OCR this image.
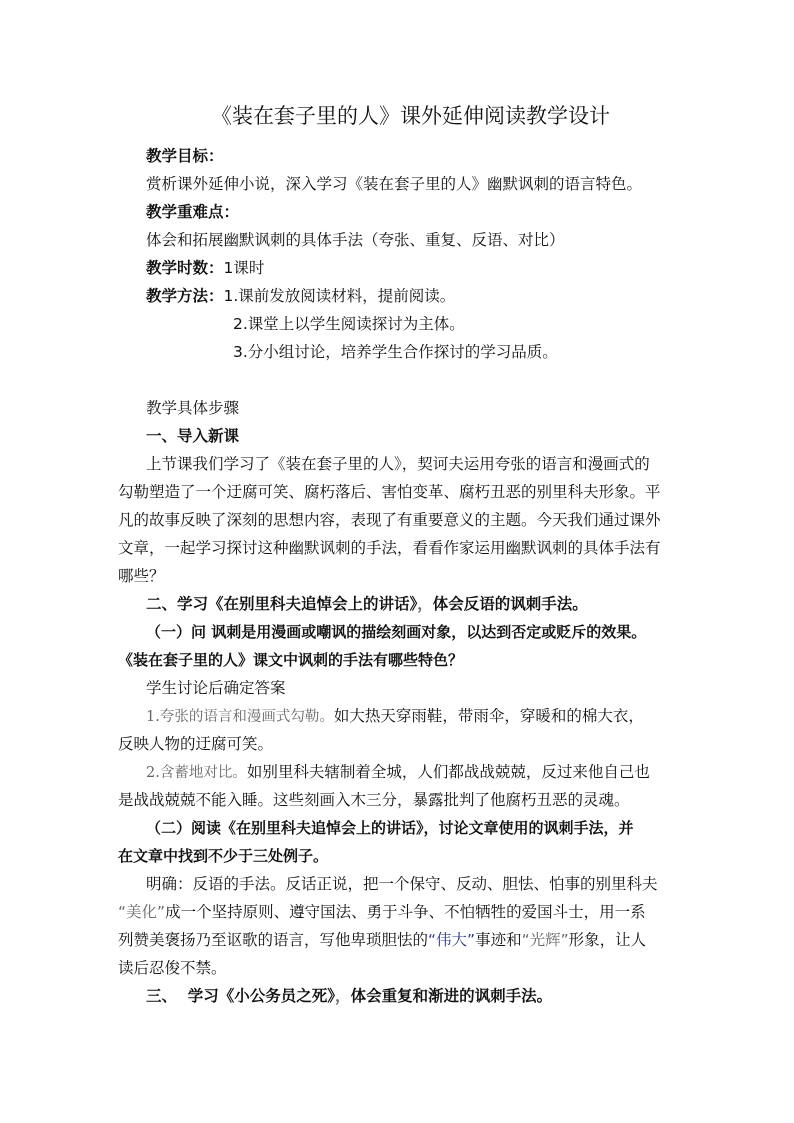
《装在套子里的人》课外延伸阅读教学设计
教学目标：
赏析课外延伸小说，深入学习《装在套子里的人》幽默讽刺的语言特色。
教学重难点：
体会和拓展幽默讽刺的具体手法（夸张、重复、反语、对比）
教学时数：1课时
教学方法：1.课前发放阅读材料，提前阅读。
2.课堂上以学生阅读探讨为主体。
3.分小组讨论，培养学生合作探讨的学习品质。
教学具体步骤
一、导入新课
上节课我们学习了《装在套子里的人》，契诃夫运用夸张的语言和漫画式的
勾勒塑造了一个迂腐可笑、腐朽落后、害怕变革、腐朽丑恶的别里科夫形象。平
凡的故事反映了深刻的思想内容，表现了有重要意义的主题。今天我们通过课外
文章，一起学习探讨这种幽默讽刺的手法，看看作家运用幽默讽刺的具体手法有
哪些？
二、学习《在别里科夫追悼会上的讲话》，体会反语的讽刺手法。
（一）问 讽刺是用漫画或嘲讽的描绘刻画对象，以达到否定或贬斥的效果。
《装在套子里的人》课文中讽刺的手法有哪些特色？
学生讨论后确定答案
1.夸张的语言和漫画式勾勒。如大热天穿雨鞋，带雨伞，穿暖和的棉大衣，
反映人物的迂腐可笑。
2.含蓄地对比。如别里科夫辖制着全城，人们都战战兢兢，反过来他自己也
是战战兢兢不能入睡。这些刻画入木三分，暴露批判了他腐朽丑恶的灵魂。
（二）阅读《在别里科夫追悼会上的讲话》，讨论文章使用的讽刺手法，并
在文章中找到不少于三处例子。
明确：反语的手法。反话正说，把一个保守、反动、胆怯、怕事的别里科夫
“美化”成一个坚持原则、遵守国法、勇于斗争、不怕牺牲的爱国斗士，用一系
列赞美褒扬乃至讴歌的语言，写他卑琐胆怯的“伟大”事迹和“光辉”形象，让人
读后忍俊不禁。
三、  学习《小公务员之死》，体会重复和渐进的讽刺手法。
